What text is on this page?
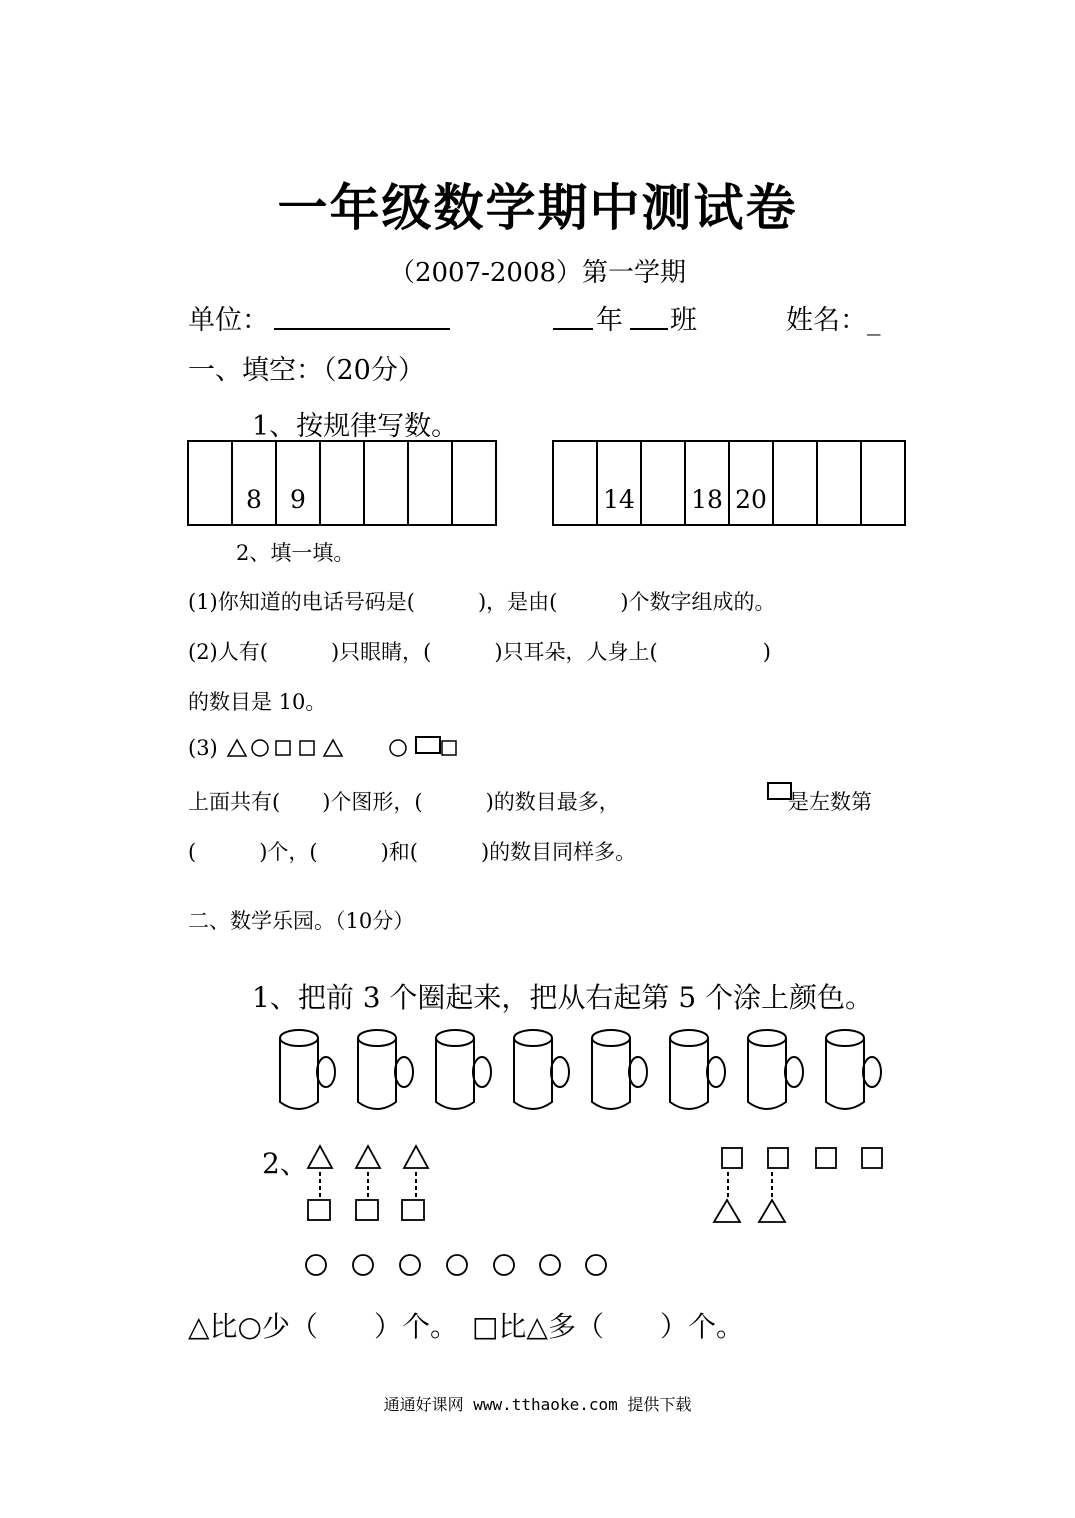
一年级数学期中测试卷
（2007-2008）第一学期
单位：	年 班	姓名：_
一、填空：（20分）
1、按规律写数。
	8	9				
		14		18	20			
2、填一填。
(1)你知道的电话号码是(　　　)，是由(　　　)个数字组成的。
(2)人有(　　　)只眼睛，(　　　)只耳朵，人身上(　　　　　)
的数目是 10。
(3)
上面共有(　　)个图形，(　　　)的数目最多，	是左数第
(　　　)个，(　　　)和(　　　)的数目同样多。
二、数学乐园。（10分）
1、把前 3 个圈起来，把从右起第 5 个涂上颜色。
2、
△比○少（　　）个。　□比△多（　　）个。
通通好课网 www.tthaoke.com 提供下载
